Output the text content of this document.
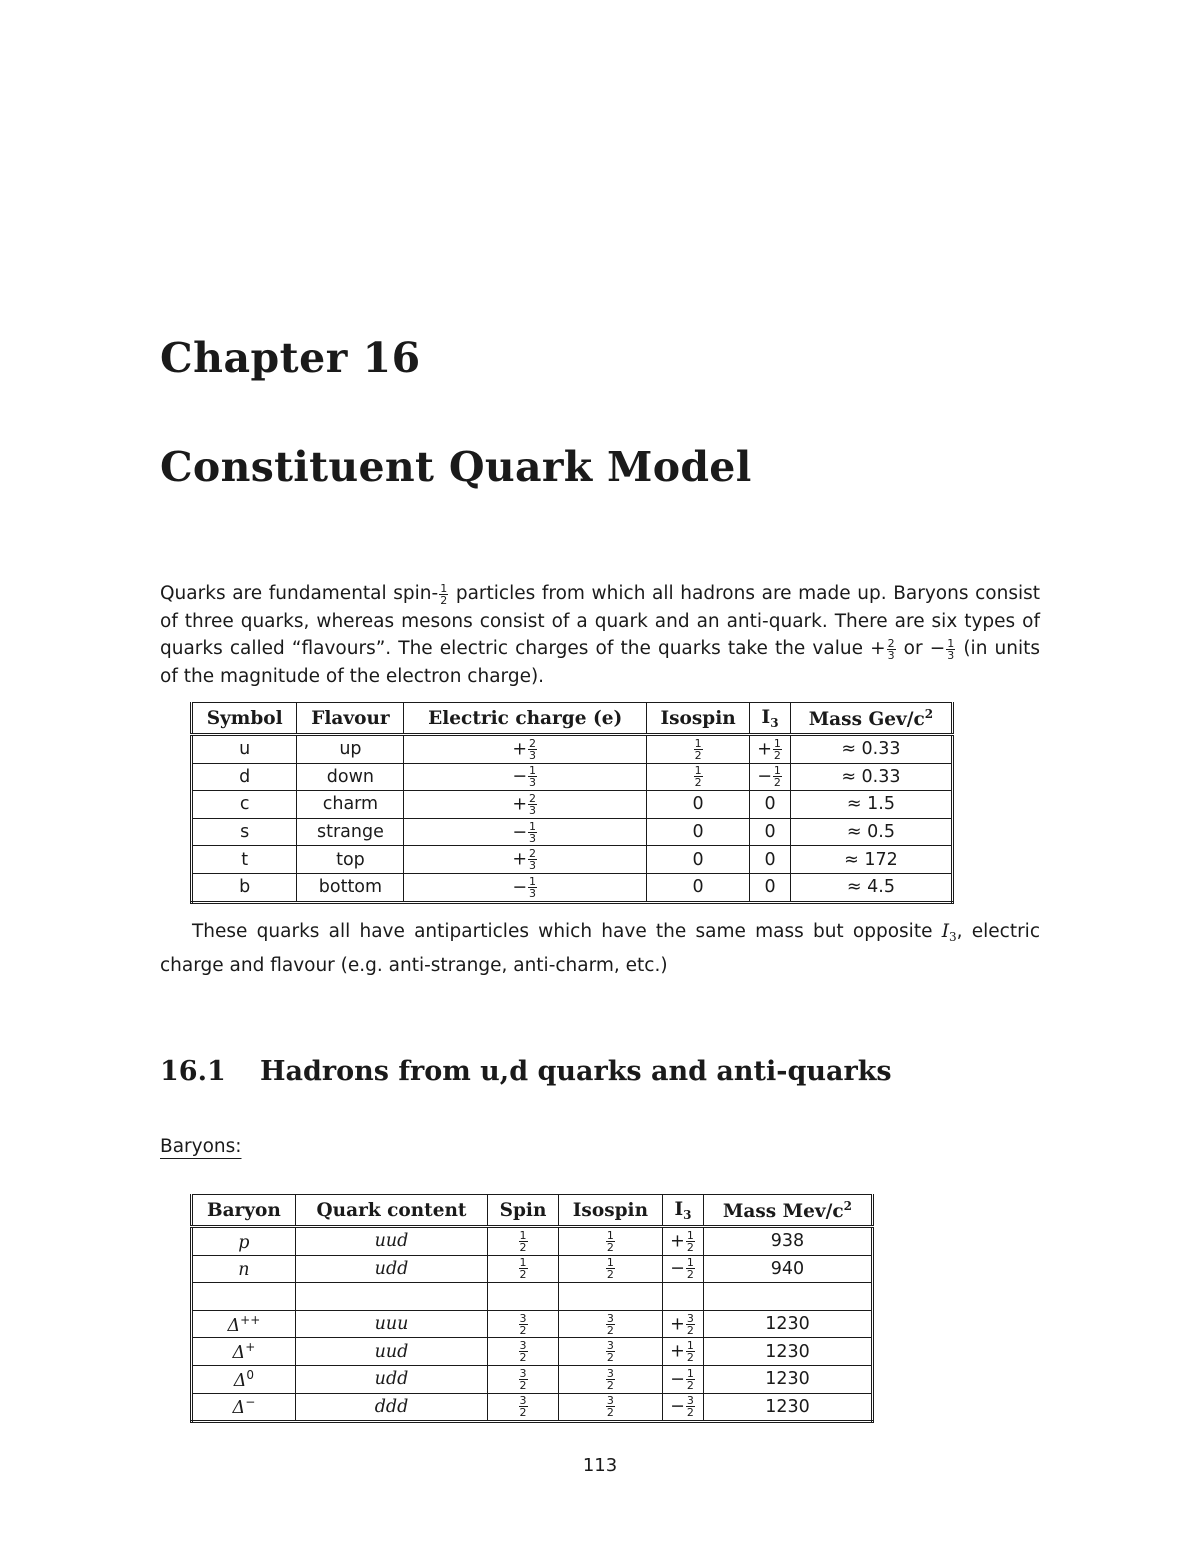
Chapter 16
Constituent Quark Model

Quarks are fundamental spin- $\frac{1}{2}$ particles from which all hadrons are made up. Baryons consist of three quarks, whereas mesons consist of a quark and an anti-quark. There are six types of quarks called “flavours”. The electric charges of the quarks take the value + $\frac{2}{3}$ or − $\frac{1}{3} (in$ units of the magnitude of the electron charge).

Symbol	Flavour	Electric charge (e)	Isospin	$I_3$	Mass Gev/$c^2$
u	up	+ $\frac{2}{3}$	$\frac{1}{2}$	+ $\frac{1}{2}$	≈ 0.33
d	down	− $\frac{1}{3}$	$\frac{1}{2}$	− $\frac{1}{2}$	≈ 0.33
c	charm	+ $\frac{2}{3}$	0	0	≈ 1.5
s	strange	− $\frac{1}{3}$	0	0	≈ 0.5
t	top	+ $\frac{2}{3}$	0	0	≈ 172
b	bottom	− $\frac{1}{3}$	0	0	≈ 4.5

These quarks all have antiparticles which have the same mass but opposite $I_3$, electric charge and flavour (e.g. anti-strange, anti-charm, etc.)

16.1 Hadrons from u,d quarks and anti-quarks
Baryons:
Baryon	Quark content	Spin	Isospin	$I_3$	Mass Mev/$c^2$
p	uud	$\frac{1}{2}$	$\frac{1}{2}$	+ $\frac{1}{2}$	938
n	udd	$\frac{1}{2}$	$\frac{1}{2}$	− $\frac{1}{2}$	940

Δ++	uuu	$\frac{3}{2}$	$\frac{3}{2}$	+ $\frac{3}{2}$	1230
Δ+	uud	$\frac{3}{2}$	$\frac{3}{2}$	+ $\frac{1}{2}$	1230
$\Delta^0$	udd	$\frac{3}{2}$	$\frac{3}{2}$	− $\frac{1}{2}$	1230
Δ−	ddd	$\frac{3}{2}$	$\frac{3}{2}$	− $\frac{3}{2}$	1230
113
